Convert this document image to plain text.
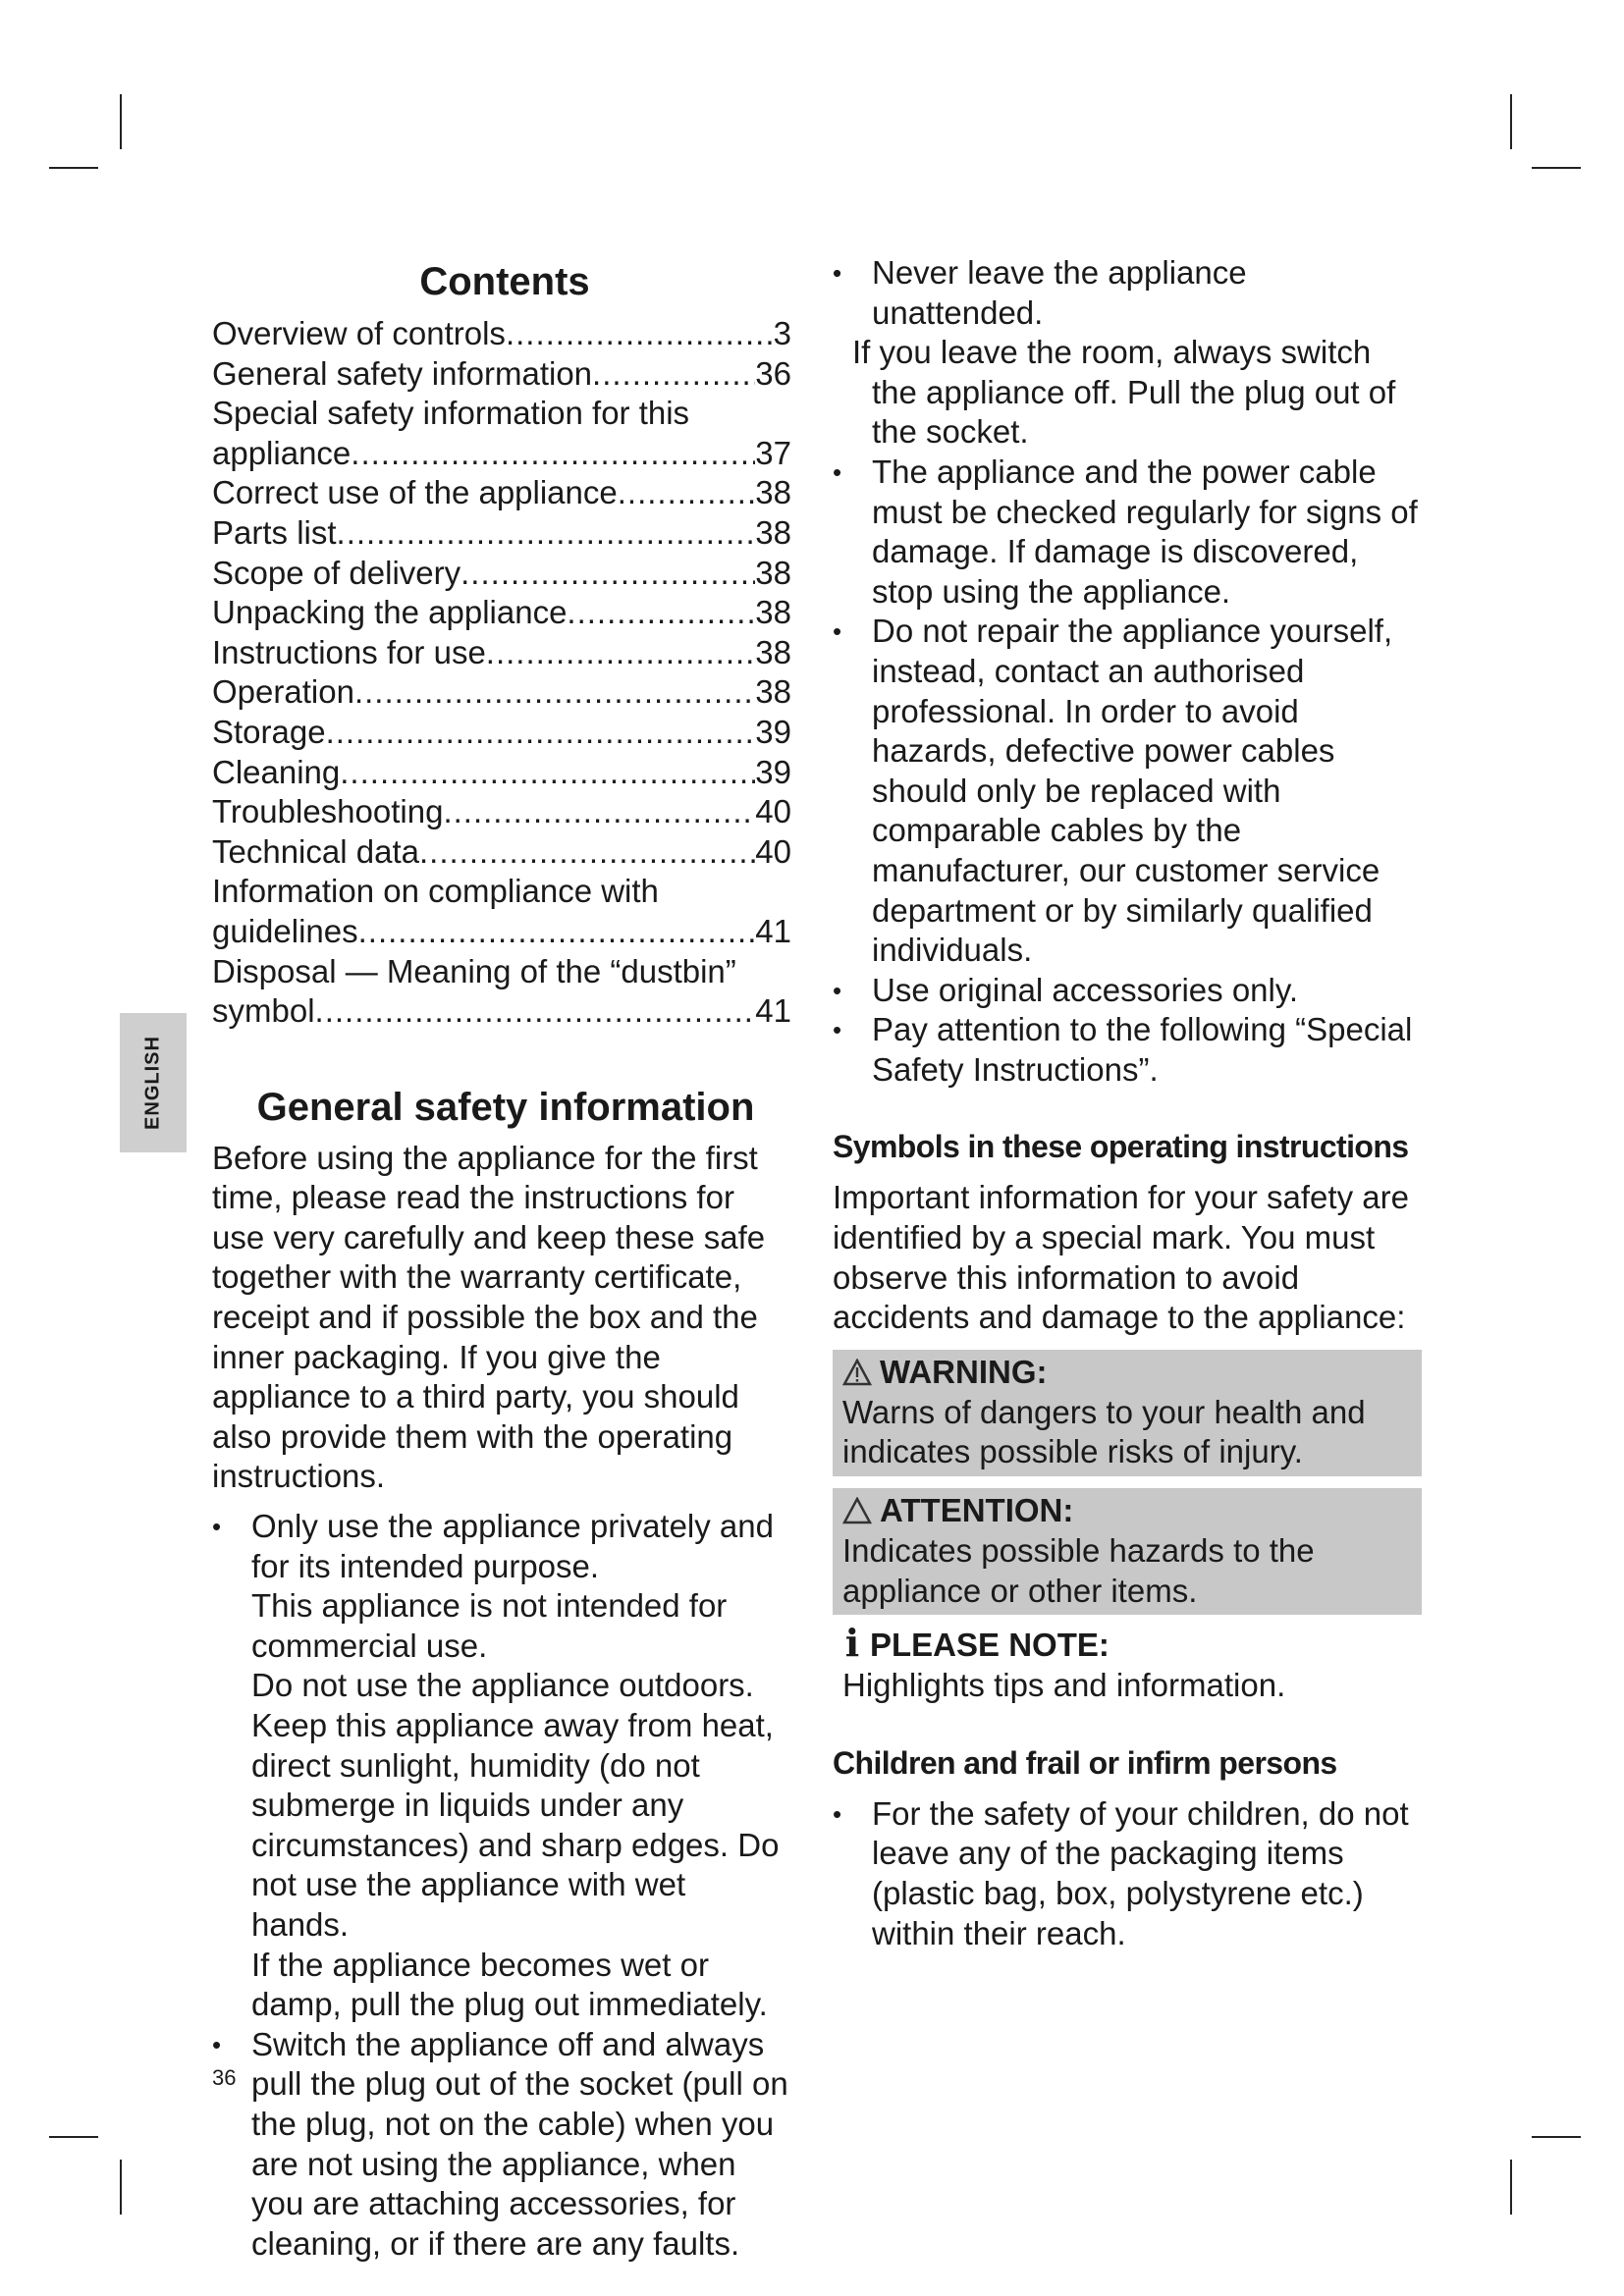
ENGLISH
Contents
Overview of controls .....	3
General safety information .....	36
Special safety information for this
appliance .....	37
Correct use of the appliance .....	38
Parts list .....	38
Scope of delivery .....	38
Unpacking the appliance .....	38
Instructions for use .....	38
Operation .....	38
Storage .....	39
Cleaning .....	39
Troubleshooting .....	40
Technical data .....	40
Information on compliance with
guidelines .....	41
Disposal — Meaning of the “dustbin”
symbol .....	41
General safety information

Before using the appliance for the first time, please read the instructions for use very carefully and keep these safe together with the warranty certificate, receipt and if possible the box and the inner packaging. If you give the appliance to a third party, you should also provide them with the operating instructions.

• Only use the appliance privately and for its intended purpose.
This appliance is not intended for commercial use.
Do not use the appliance outdoors.
Keep this appliance away from heat, direct sunlight, humidity (do not submerge in liquids under any circumstances) and sharp edges. Do not use the appliance with wet hands.
If the appliance becomes wet or damp, pull the plug out immediately.
• Switch the appliance off and always pull the plug out of the socket (pull on the plug, not on the cable) when you are not using the appliance, when you are attaching accessories, for cleaning, or if there are any faults.
36
•
• Never leave the appliance unattended.
If you leave the room, always switch the appliance off. Pull the plug out of the socket.
• The appliance and the power cable must be checked regularly for signs of damage. If damage is discovered, stop using the appliance.
• Do not repair the appliance yourself, instead, contact an authorised professional. In order to avoid hazards, defective power cables should only be replaced with comparable cables by the manufacturer, our customer service department or by similarly qualified individuals.
• Use original accessories only.
• Pay attention to the following “Special Safety Instructions”.
Symbols in these operating instructions

Important information for your safety are identified by a special mark. You must observe this information to avoid accidents and damage to the appliance:

WARNING:

Warns of dangers to your health and indicates possible risks of injury.

ATTENTION:

Indicates possible hazards to the appliance or other items.

i PLEASE NOTE:

Highlights tips and information.

Children and frail or infirm persons
• For the safety of your children, do not leave any of the packaging items (plastic bag, box, polystyrene etc.) within their reach.
